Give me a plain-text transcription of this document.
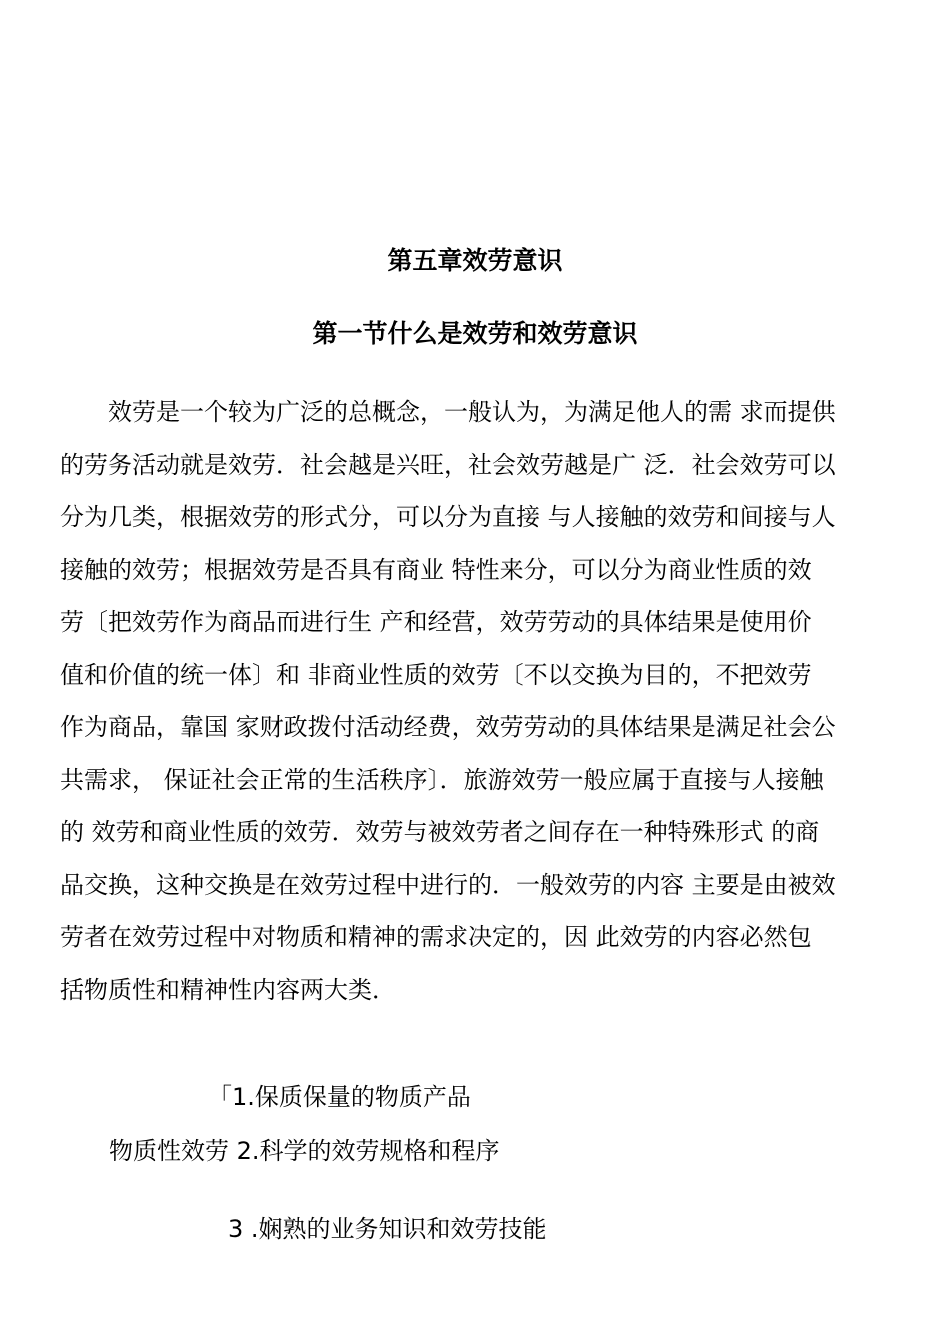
第五章效劳意识
第一节什么是效劳和效劳意识
　　效劳是一个较为广泛的总概念，一般认为，为满足他人的需 求而提供
的劳务活动就是效劳．社会越是兴旺，社会效劳越是广 泛．社会效劳可以
分为几类，根据效劳的形式分，可以分为直接 与人接触的效劳和间接与人
接触的效劳；根据效劳是否具有商业 特性来分，可以分为商业性质的效
劳〔把效劳作为商品而进行生 产和经营，效劳劳动的具体结果是使用价
值和价值的统一体〕和 非商业性质的效劳〔不以交换为目的，不把效劳
作为商品，靠国 家财政拨付活动经费，效劳劳动的具体结果是满足社会公
共需求， 保证社会正常的生活秩序〕．旅游效劳一般应属于直接与人接触
的 效劳和商业性质的效劳．效劳与被效劳者之间存在一种特殊形式 的商
品交换，这种交换是在效劳过程中进行的．一般效劳的内容 主要是由被效
劳者在效劳过程中对物质和精神的需求决定的，因 此效劳的内容必然包
括物质性和精神性内容两大类．
「1.保质保量的物质产品
物质性效劳 2.科学的效劳规格和程序
3 .娴熟的业务知识和效劳技能
